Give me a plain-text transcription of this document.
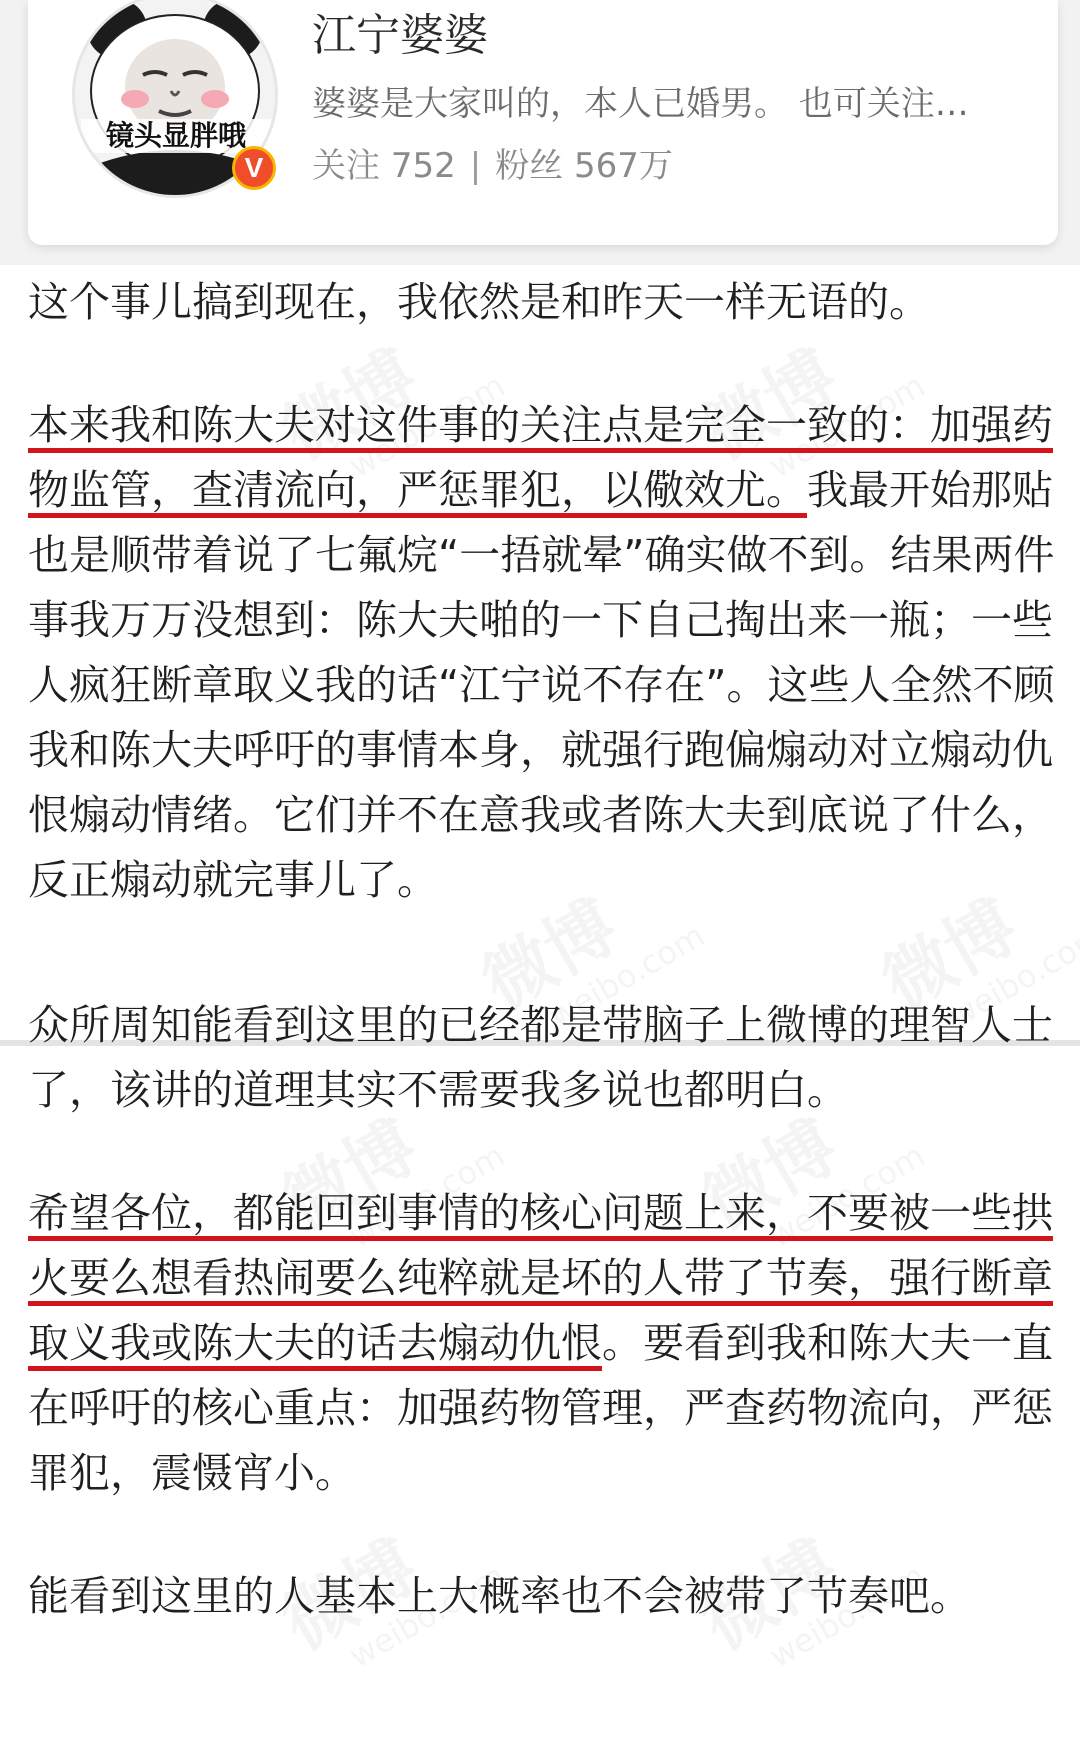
镜头显胖哦
V
江宁婆婆
婆婆是大家叫的，本人已婚男。 也可关注…
关注 752 | 粉丝 567万

这个事儿搞到现在，我依然是和昨天一样无语的。

本来我和陈大夫对这件事的关注点是完全一致的：加强药物监管，查清流向，严惩罪犯，以儆效尤。我最开始那贴也是顺带着说了七氟烷“一捂就晕”确实做不到。结果两件事我万万没想到：陈大夫啪的一下自己掏出来一瓶；一些人疯狂断章取义我的话“江宁说不存在”。这些人全然不顾我和陈大夫呼吁的事情本身，就强行跑偏煽动对立煽动仇恨煽动情绪。它们并不在意我或者陈大夫到底说了什么，反正煽动就完事儿了。

众所周知能看到这里的已经都是带脑子上微博的理智人士了，该讲的道理其实不需要我多说也都明白。

希望各位，都能回到事情的核心问题上来，不要被一些拱火要么想看热闹要么纯粹就是坏的人带了节奏，强行断章取义我或陈大夫的话去煽动仇恨。要看到我和陈大夫一直在呼吁的核心重点：加强药物管理，严查药物流向，严惩罪犯，震慑宵小。

能看到这里的人基本上大概率也不会被带了节奏吧。
